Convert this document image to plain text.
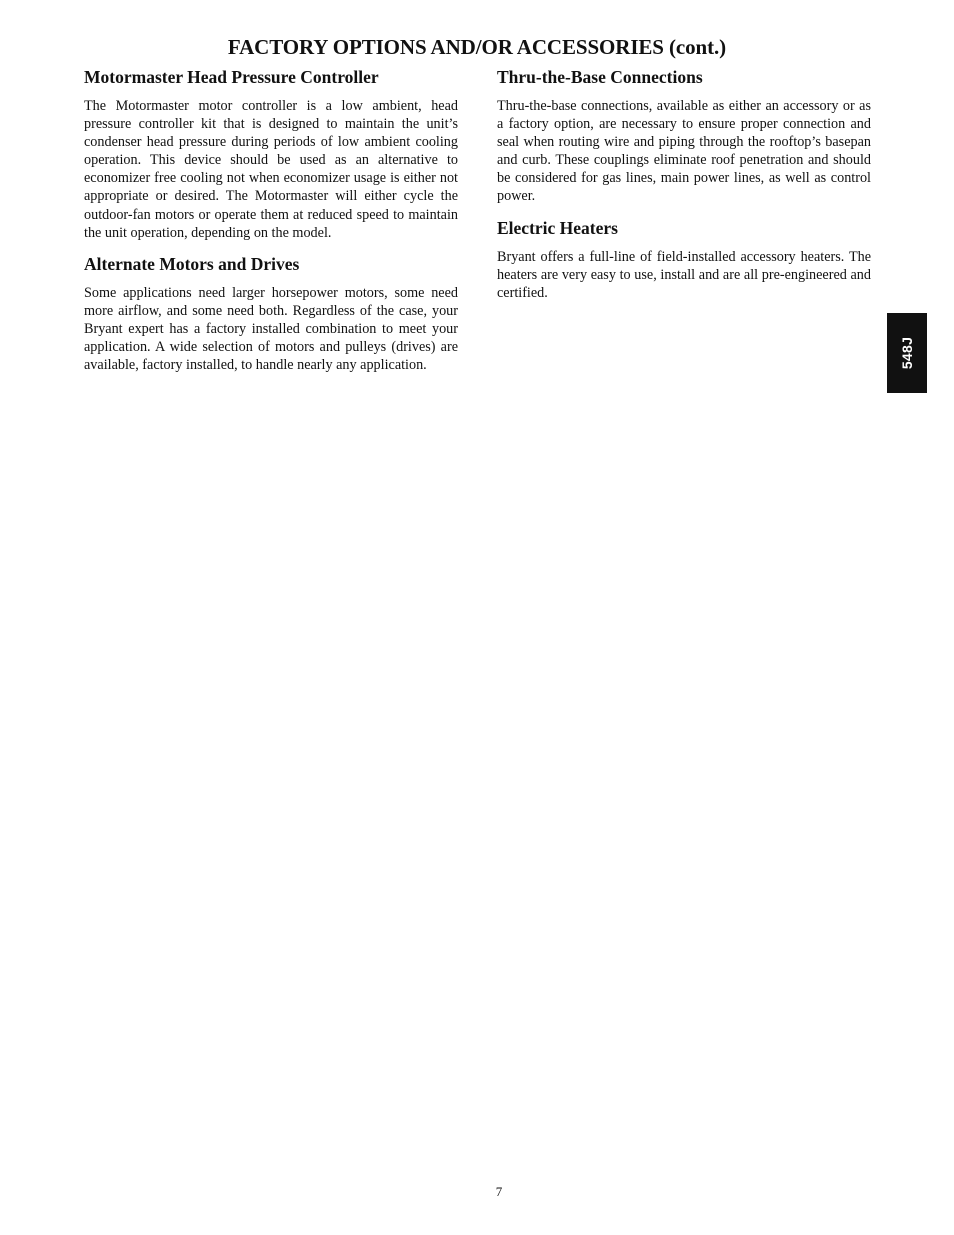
FACTORY OPTIONS AND/OR ACCESSORIES (cont.)
Motormaster Head Pressure Controller

The Motormaster motor controller is a low ambient, head pressure controller kit that is designed to maintain the unit’s condenser head pressure during periods of low ambient cooling operation. This device should be used as an alternative to economizer free cooling not when economizer usage is either not appropriate or desired. The Motormaster will either cycle the outdoor-fan motors or operate them at reduced speed to maintain the unit operation, depending on the model.

Alternate Motors and Drives

Some applications need larger horsepower motors, some need more airflow, and some need both. Regardless of the case, your Bryant expert has a factory installed combination to meet your application. A wide selection of motors and pulleys (drives) are available, factory installed, to handle nearly any application.

Thru-the-Base Connections

Thru-the-base connections, available as either an accessory or as a factory option, are necessary to ensure proper connection and seal when routing wire and piping through the rooftop’s basepan and curb. These couplings eliminate roof penetration and should be considered for gas lines, main power lines, as well as control power.

Electric Heaters

Bryant offers a full-line of field-installed accessory heaters. The heaters are very easy to use, install and are all pre-engineered and certified.

548J
7
